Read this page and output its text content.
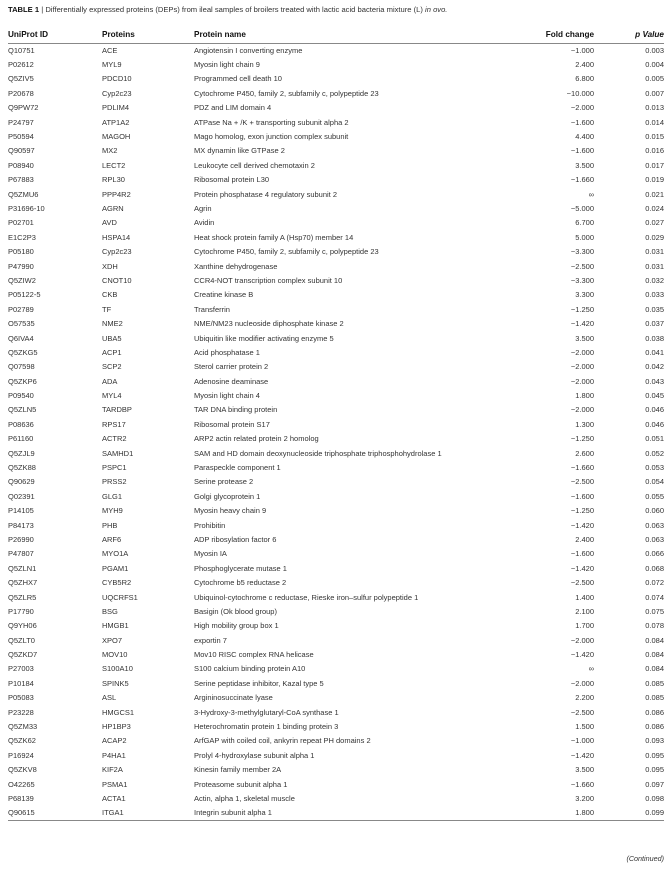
TABLE 1 | Differentially expressed proteins (DEPs) from ileal samples of broilers treated with lactic acid bacteria mixture (L) in ovo.
UniProt ID	Proteins	Protein name	Fold change	p Value
Q10751	ACE	Angiotensin I converting enzyme	−1.000	0.003
P02612	MYL9	Myosin light chain 9	2.400	0.004
Q5ZIV5	PDCD10	Programmed cell death 10	6.800	0.005
P20678	Cyp2c23	Cytochrome P450, family 2, subfamily c, polypeptide 23	−10.000	0.007
Q9PW72	PDLIM4	PDZ and LIM domain 4	−2.000	0.013
P24797	ATP1A2	ATPase Na + /K + transporting subunit alpha 2	−1.600	0.014
P50594	MAGOH	Mago homolog, exon junction complex subunit	4.400	0.015
Q90597	MX2	MX dynamin like GTPase 2	−1.600	0.016
P08940	LECT2	Leukocyte cell derived chemotaxin 2	3.500	0.017
P67883	RPL30	Ribosomal protein L30	−1.660	0.019
Q5ZMU6	PPP4R2	Protein phosphatase 4 regulatory subunit 2	∞	0.021
P31696-10	AGRN	Agrin	−5.000	0.024
P02701	AVD	Avidin	6.700	0.027
E1C2P3	HSPA14	Heat shock protein family A (Hsp70) member 14	5.000	0.029
P05180	Cyp2c23	Cytochrome P450, family 2, subfamily c, polypeptide 23	−3.300	0.031
P47990	XDH	Xanthine dehydrogenase	−2.500	0.031
Q5ZIW2	CNOT10	CCR4-NOT transcription complex subunit 10	−3.300	0.032
P05122-5	CKB	Creatine kinase B	3.300	0.033
P02789	TF	Transferrin	−1.250	0.035
O57535	NME2	NME/NM23 nucleoside diphosphate kinase 2	−1.420	0.037
Q6IVA4	UBA5	Ubiquitin like modifier activating enzyme 5	3.500	0.038
Q5ZKG5	ACP1	Acid phosphatase 1	−2.000	0.041
Q07598	SCP2	Sterol carrier protein 2	−2.000	0.042
Q5ZKP6	ADA	Adenosine deaminase	−2.000	0.043
P09540	MYL4	Myosin light chain 4	1.800	0.045
Q5ZLN5	TARDBP	TAR DNA binding protein	−2.000	0.046
P08636	RPS17	Ribosomal protein S17	1.300	0.046
P61160	ACTR2	ARP2 actin related protein 2 homolog	−1.250	0.051
Q5ZJL9	SAMHD1	SAM and HD domain deoxynucleoside triphosphate triphosphohydrolase 1	2.600	0.052
Q5ZK88	PSPC1	Paraspeckle component 1	−1.660	0.053
Q90629	PRSS2	Serine protease 2	−2.500	0.054
Q02391	GLG1	Golgi glycoprotein 1	−1.600	0.055
P14105	MYH9	Myosin heavy chain 9	−1.250	0.060
P84173	PHB	Prohibitin	−1.420	0.063
P26990	ARF6	ADP ribosylation factor 6	2.400	0.063
P47807	MYO1A	Myosin IA	−1.600	0.066
Q5ZLN1	PGAM1	Phosphoglycerate mutase 1	−1.420	0.068
Q5ZHX7	CYB5R2	Cytochrome b5 reductase 2	−2.500	0.072
Q5ZLR5	UQCRFS1	Ubiquinol-cytochrome c reductase, Rieske iron–sulfur polypeptide 1	1.400	0.074
P17790	BSG	Basigin (Ok blood group)	2.100	0.075
Q9YH06	HMGB1	High mobility group box 1	1.700	0.078
Q5ZLT0	XPO7	exportin 7	−2.000	0.084
Q5ZKD7	MOV10	Mov10 RISC complex RNA helicase	−1.420	0.084
P27003	S100A10	S100 calcium binding protein A10	∞	0.084
P10184	SPINK5	Serine peptidase inhibitor, Kazal type 5	−2.000	0.085
P05083	ASL	Argininosuccinate lyase	2.200	0.085
P23228	HMGCS1	3-Hydroxy-3-methylglutaryl-CoA synthase 1	−2.500	0.086
Q5ZM33	HP1BP3	Heterochromatin protein 1 binding protein 3	1.500	0.086
Q5ZK62	ACAP2	ArfGAP with coiled coil, ankyrin repeat PH domains 2	−1.000	0.093
P16924	P4HA1	Prolyl 4-hydroxylase subunit alpha 1	−1.420	0.095
Q5ZKV8	KIF2A	Kinesin family member 2A	3.500	0.095
O42265	PSMA1	Proteasome subunit alpha 1	−1.660	0.097
P68139	ACTA1	Actin, alpha 1, skeletal muscle	3.200	0.098
Q90615	ITGA1	Integrin subunit alpha 1	1.800	0.099
(Continued)
